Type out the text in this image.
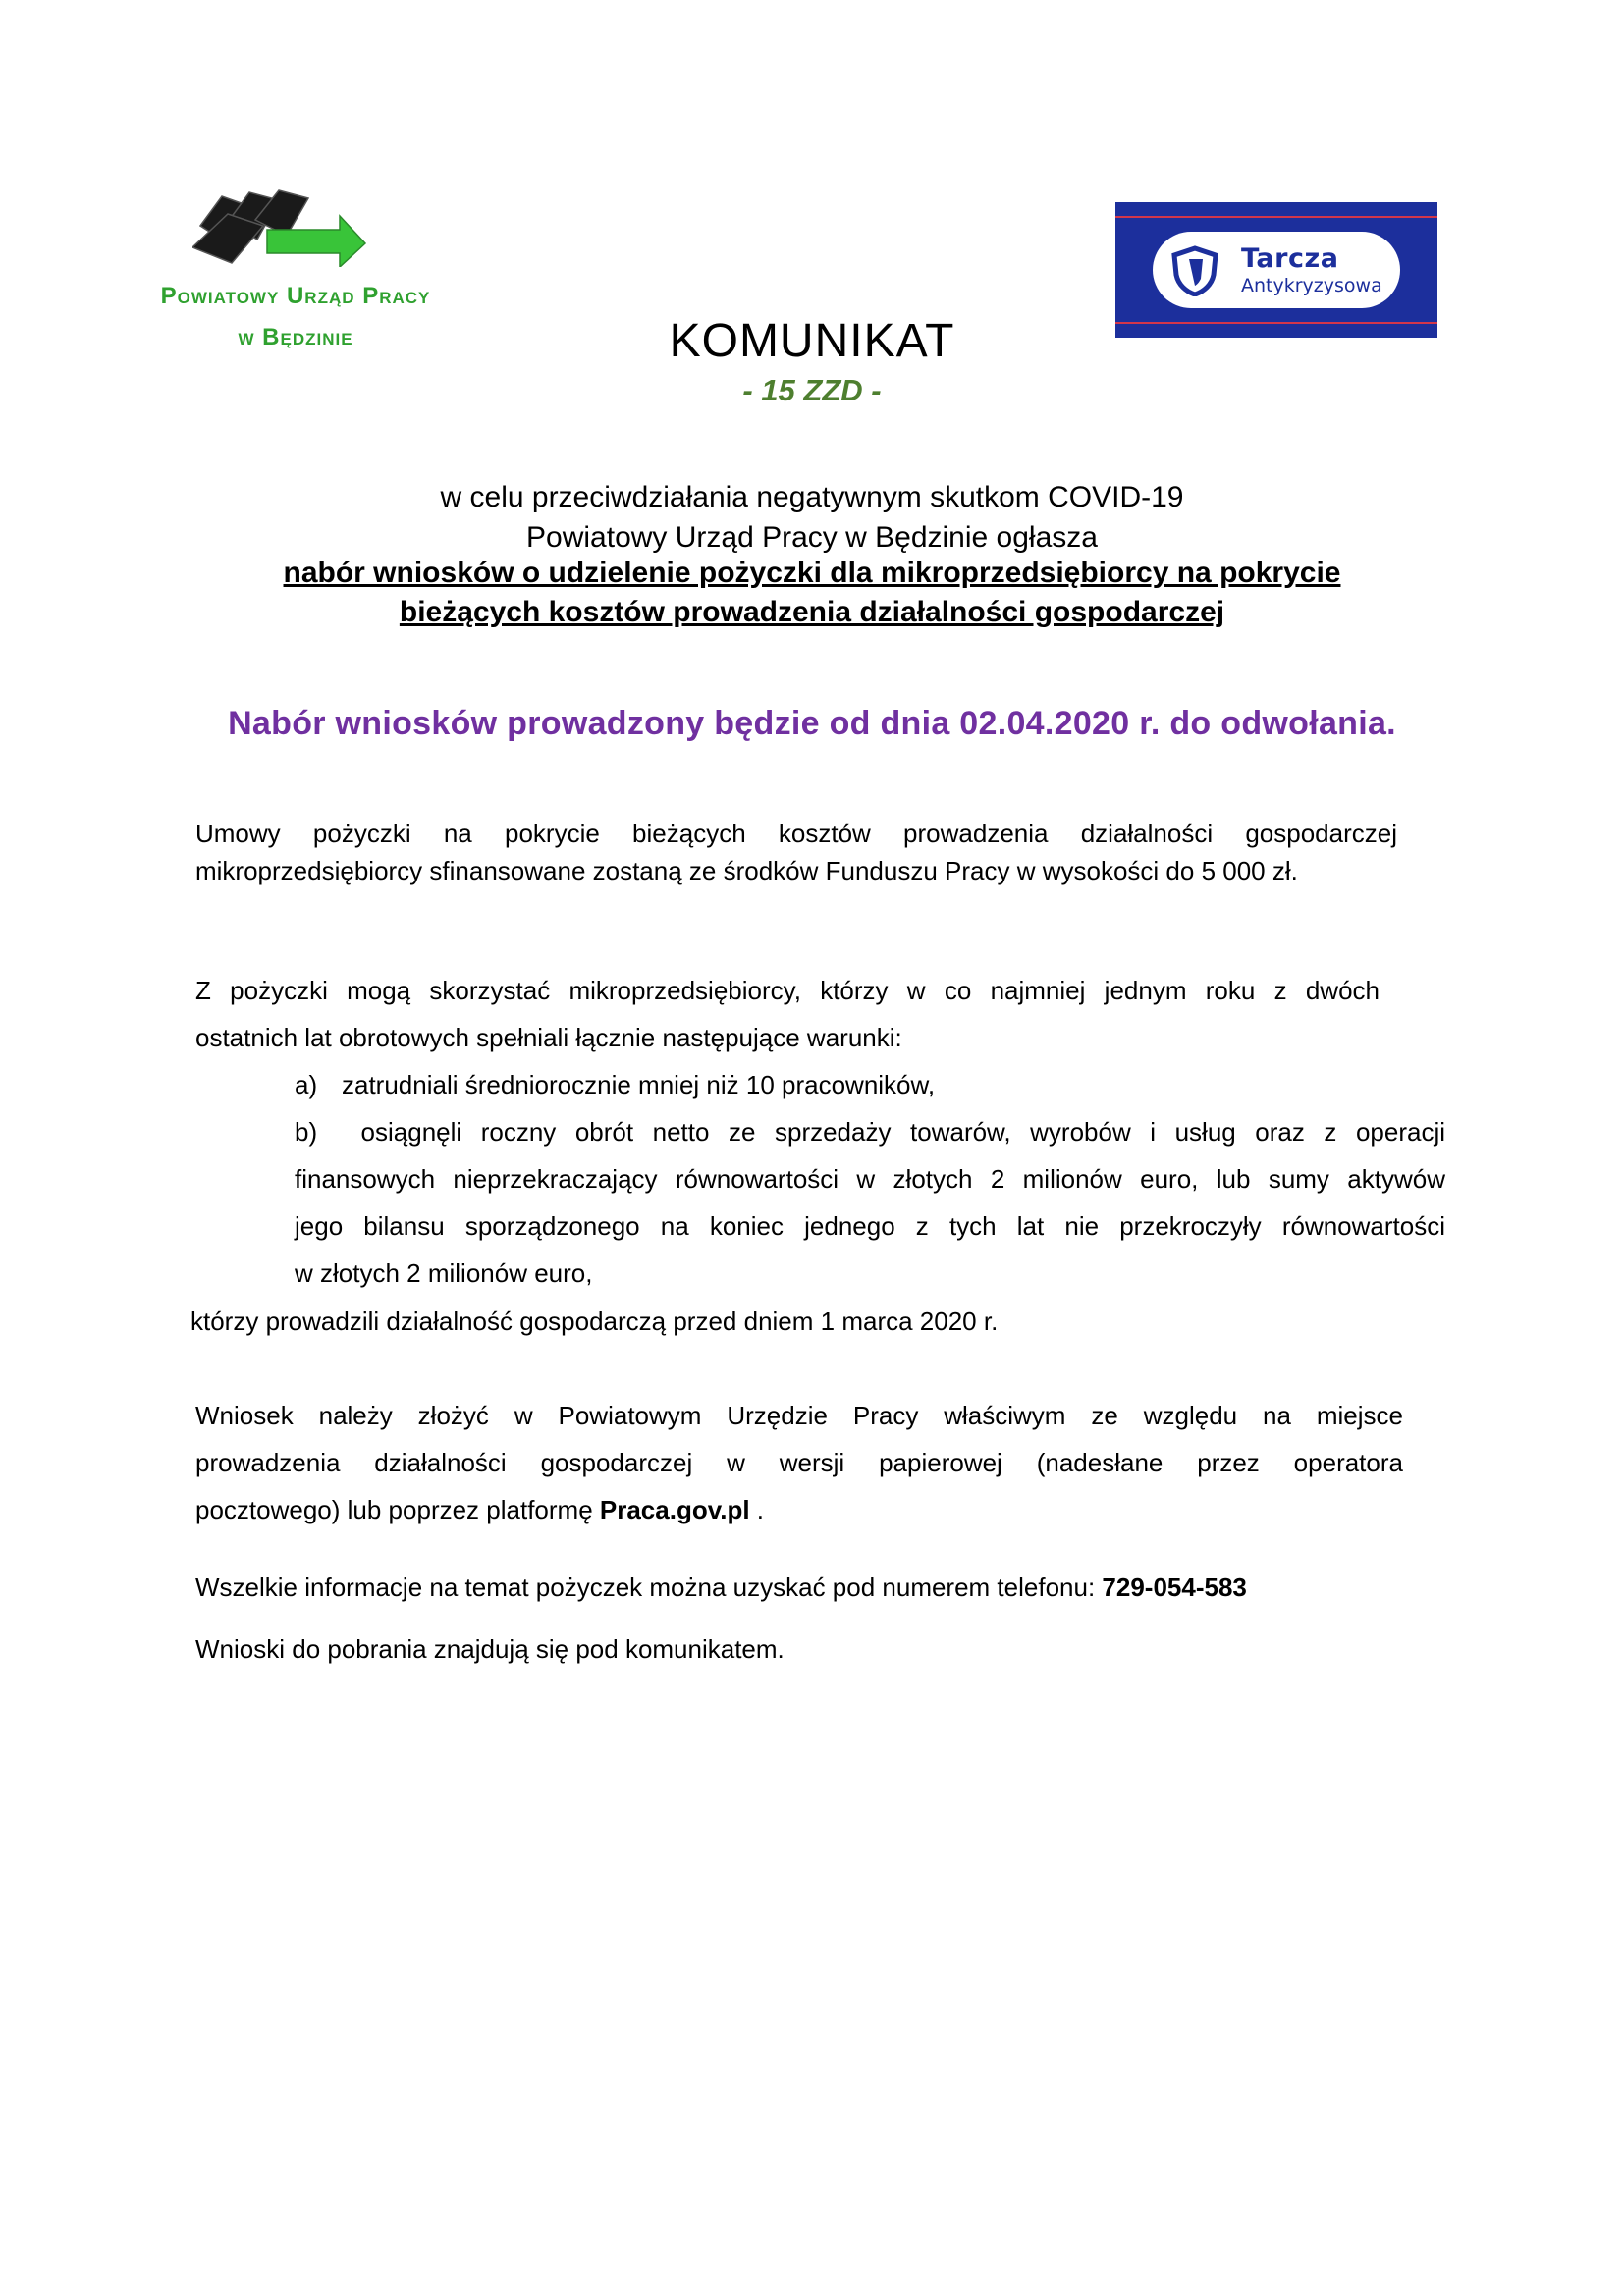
Powiatowy Urząd Pracy
w Będzinie
Tarcza
Antykryzysowa
KOMUNIKAT
- 15 ZZD -
w celu przeciwdziałania negatywnym skutkom COVID-19
Powiatowy Urząd Pracy w Będzinie ogłasza
nabór wniosków o udzielenie pożyczki dla mikroprzedsiębiorcy na pokrycie
bieżących kosztów prowadzenia działalności gospodarczej
Nabór wniosków prowadzony będzie od dnia 02.04.2020 r. do odwołania.

Umowy pożyczki na pokrycie bieżących kosztów prowadzenia działalności gospodarczej

mikroprzedsiębiorcy sfinansowane zostaną ze środków Funduszu Pracy w wysokości do 5 000 zł.

Z pożyczki mogą skorzystać mikroprzedsiębiorcy, którzy w co najmniej jednym roku z dwóch

ostatnich lat obrotowych spełniali łącznie następujące warunki:

a) zatrudniali średniorocznie mniej niż 10 pracowników,
b) osiągnęli roczny obrót netto ze sprzedaży towarów, wyrobów i usług oraz z operacji
finansowych nieprzekraczający równowartości w złotych 2 milionów euro, lub sumy aktywów
jego bilansu sporządzonego na koniec jednego z tych lat nie przekroczyły równowartości
w złotych 2 milionów euro,
którzy prowadzili działalność gospodarczą przed dniem 1 marca 2020 r.
Wniosek należy złożyć w Powiatowym Urzędzie Pracy właściwym ze względu na miejsce
prowadzenia działalności gospodarczej w wersji papierowej (nadesłane przez operatora
pocztowego) lub poprzez platformę Praca.gov.pl .
Wszelkie informacje na temat pożyczek można uzyskać pod numerem telefonu: 729-054-583
Wnioski do pobrania znajdują się pod komunikatem.
